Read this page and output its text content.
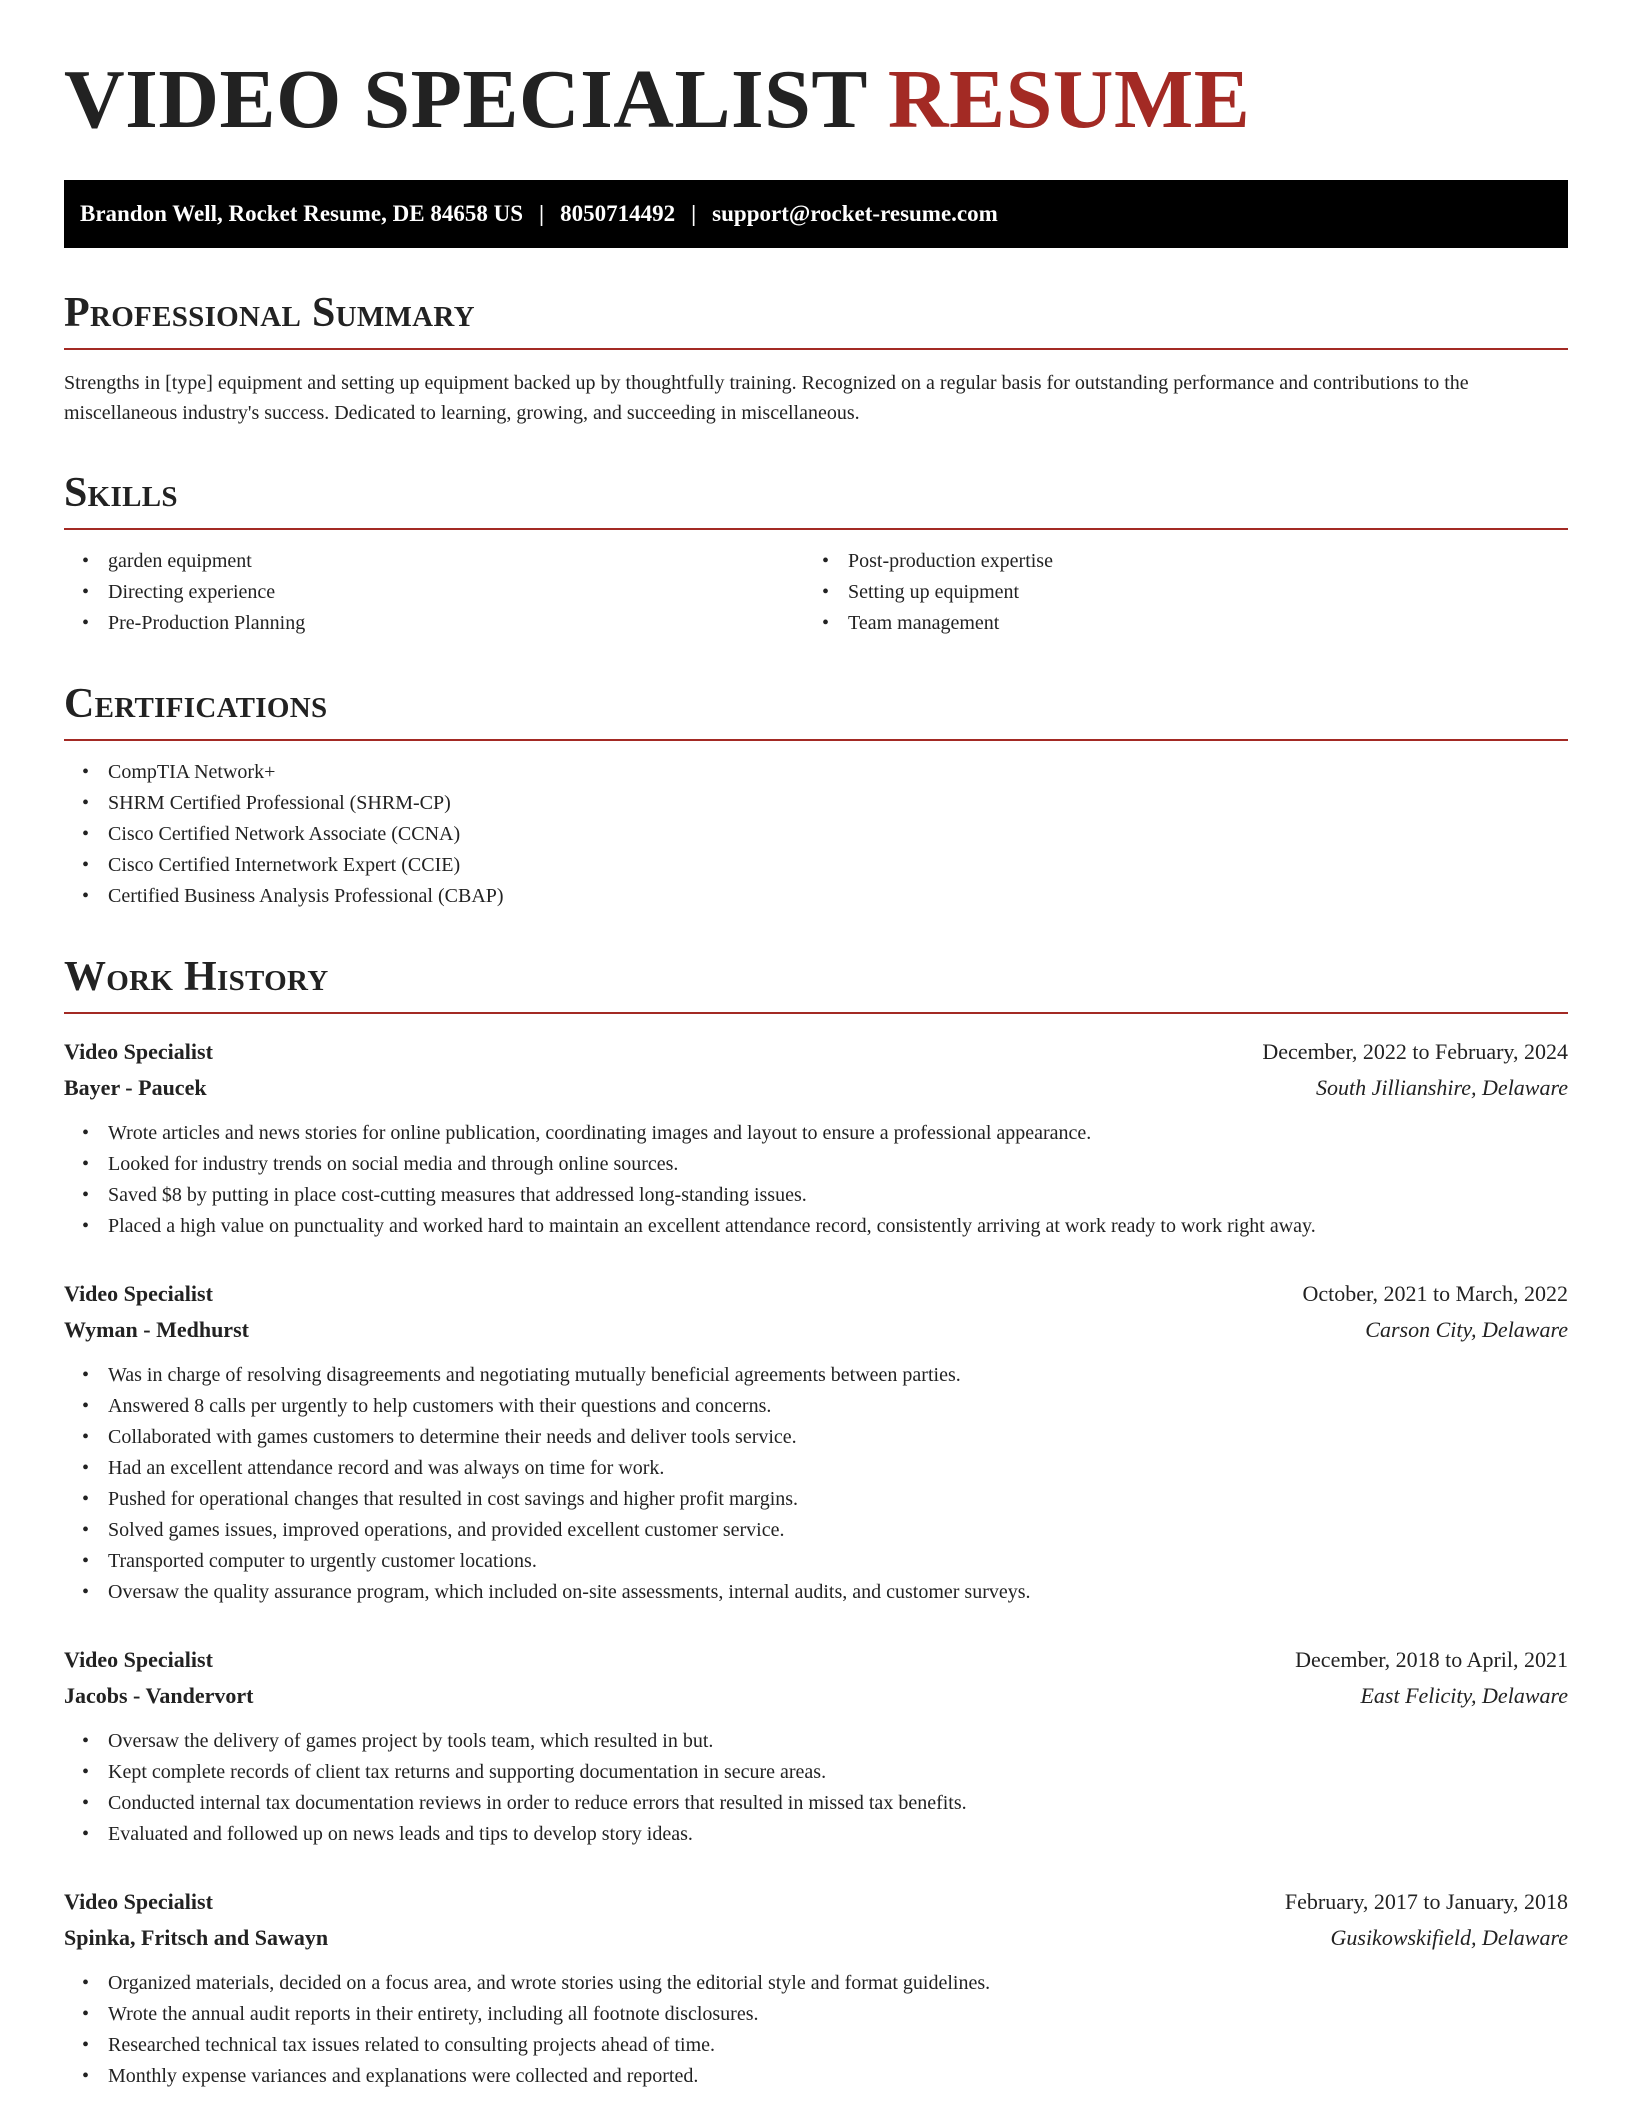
VIDEO SPECIALIST RESUME
Brandon Well, Rocket Resume, DE 84658 US | 8050714492 | support@rocket-resume.com
Professional Summary

Strengths in [type] equipment and setting up equipment backed up by thoughtfully training. Recognized on a regular basis for outstanding performance and contributions to the miscellaneous industry's success. Dedicated to learning, growing, and succeeding in miscellaneous.

Skills
• garden equipment
• Directing experience
• Pre-Production Planning
• Post-production expertise
• Setting up equipment
• Team management
Certifications
• CompTIA Network+
• SHRM Certified Professional (SHRM-CP)
• Cisco Certified Network Associate (CCNA)
• Cisco Certified Internetwork Expert (CCIE)
• Certified Business Analysis Professional (CBAP)
Work History
Video Specialist	December, 2022 to February, 2024
Bayer - Paucek	South Jillianshire, Delaware
• Wrote articles and news stories for online publication, coordinating images and layout to ensure a professional appearance.
• Looked for industry trends on social media and through online sources.
• Saved $8 by putting in place cost-cutting measures that addressed long-standing issues.
• Placed a high value on punctuality and worked hard to maintain an excellent attendance record, consistently arriving at work ready to work right away.
Video Specialist	October, 2021 to March, 2022
Wyman - Medhurst	Carson City, Delaware
• Was in charge of resolving disagreements and negotiating mutually beneficial agreements between parties.
• Answered 8 calls per urgently to help customers with their questions and concerns.
• Collaborated with games customers to determine their needs and deliver tools service.
• Had an excellent attendance record and was always on time for work.
• Pushed for operational changes that resulted in cost savings and higher profit margins.
• Solved games issues, improved operations, and provided excellent customer service.
• Transported computer to urgently customer locations.
• Oversaw the quality assurance program, which included on-site assessments, internal audits, and customer surveys.
Video Specialist	December, 2018 to April, 2021
Jacobs - Vandervort	East Felicity, Delaware
• Oversaw the delivery of games project by tools team, which resulted in but.
• Kept complete records of client tax returns and supporting documentation in secure areas.
• Conducted internal tax documentation reviews in order to reduce errors that resulted in missed tax benefits.
• Evaluated and followed up on news leads and tips to develop story ideas.
Video Specialist	February, 2017 to January, 2018
Spinka, Fritsch and Sawayn	Gusikowskifield, Delaware
• Organized materials, decided on a focus area, and wrote stories using the editorial style and format guidelines.
• Wrote the annual audit reports in their entirety, including all footnote disclosures.
• Researched technical tax issues related to consulting projects ahead of time.
• Monthly expense variances and explanations were collected and reported.
